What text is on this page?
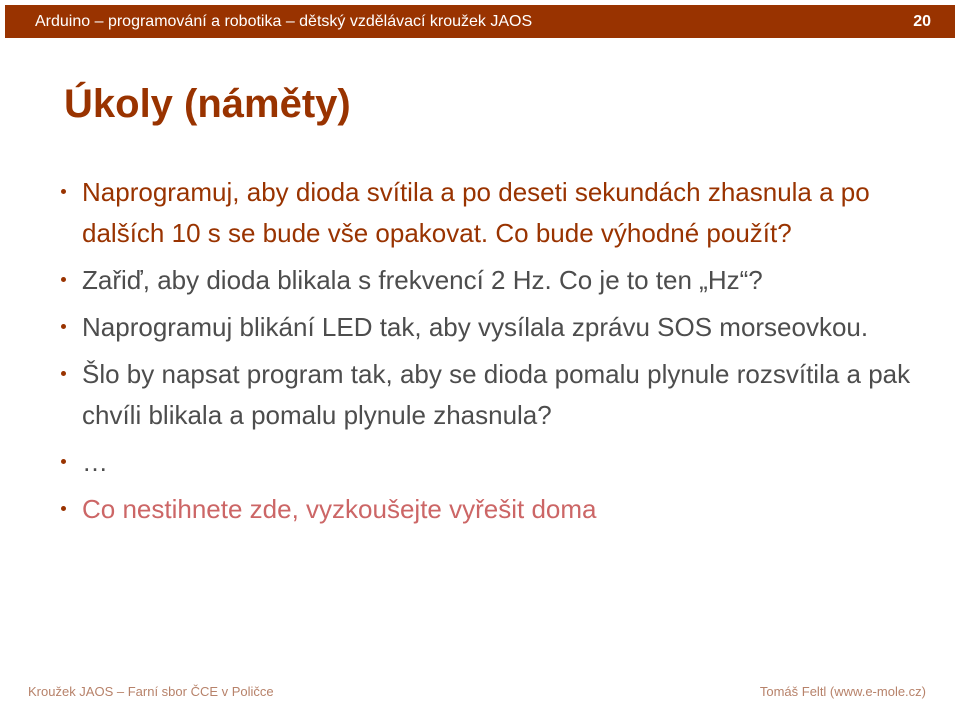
Arduino – programování a robotika – dětský vzdělávací kroužek JAOS	20
Úkoly (náměty)
Naprogramuj, aby dioda svítila a po deseti sekundách zhasnula a po dalších 10 s se bude vše opakovat. Co bude výhodné použít?
Zařiď, aby dioda blikala s frekvencí 2 Hz. Co je to ten „Hz“?
Naprogramuj blikání LED tak, aby vysílala zprávu SOS morseovkou.
Šlo by napsat program tak, aby se dioda pomalu plynule rozsvítila a pak chvíli blikala a pomalu plynule zhasnula?
…
Co nestihnete zde, vyzkoušejte vyřešit doma
Kroužek JAOS – Farní sbor ČCE v Poličce	Tomáš Feltl (www.e-mole.cz)
